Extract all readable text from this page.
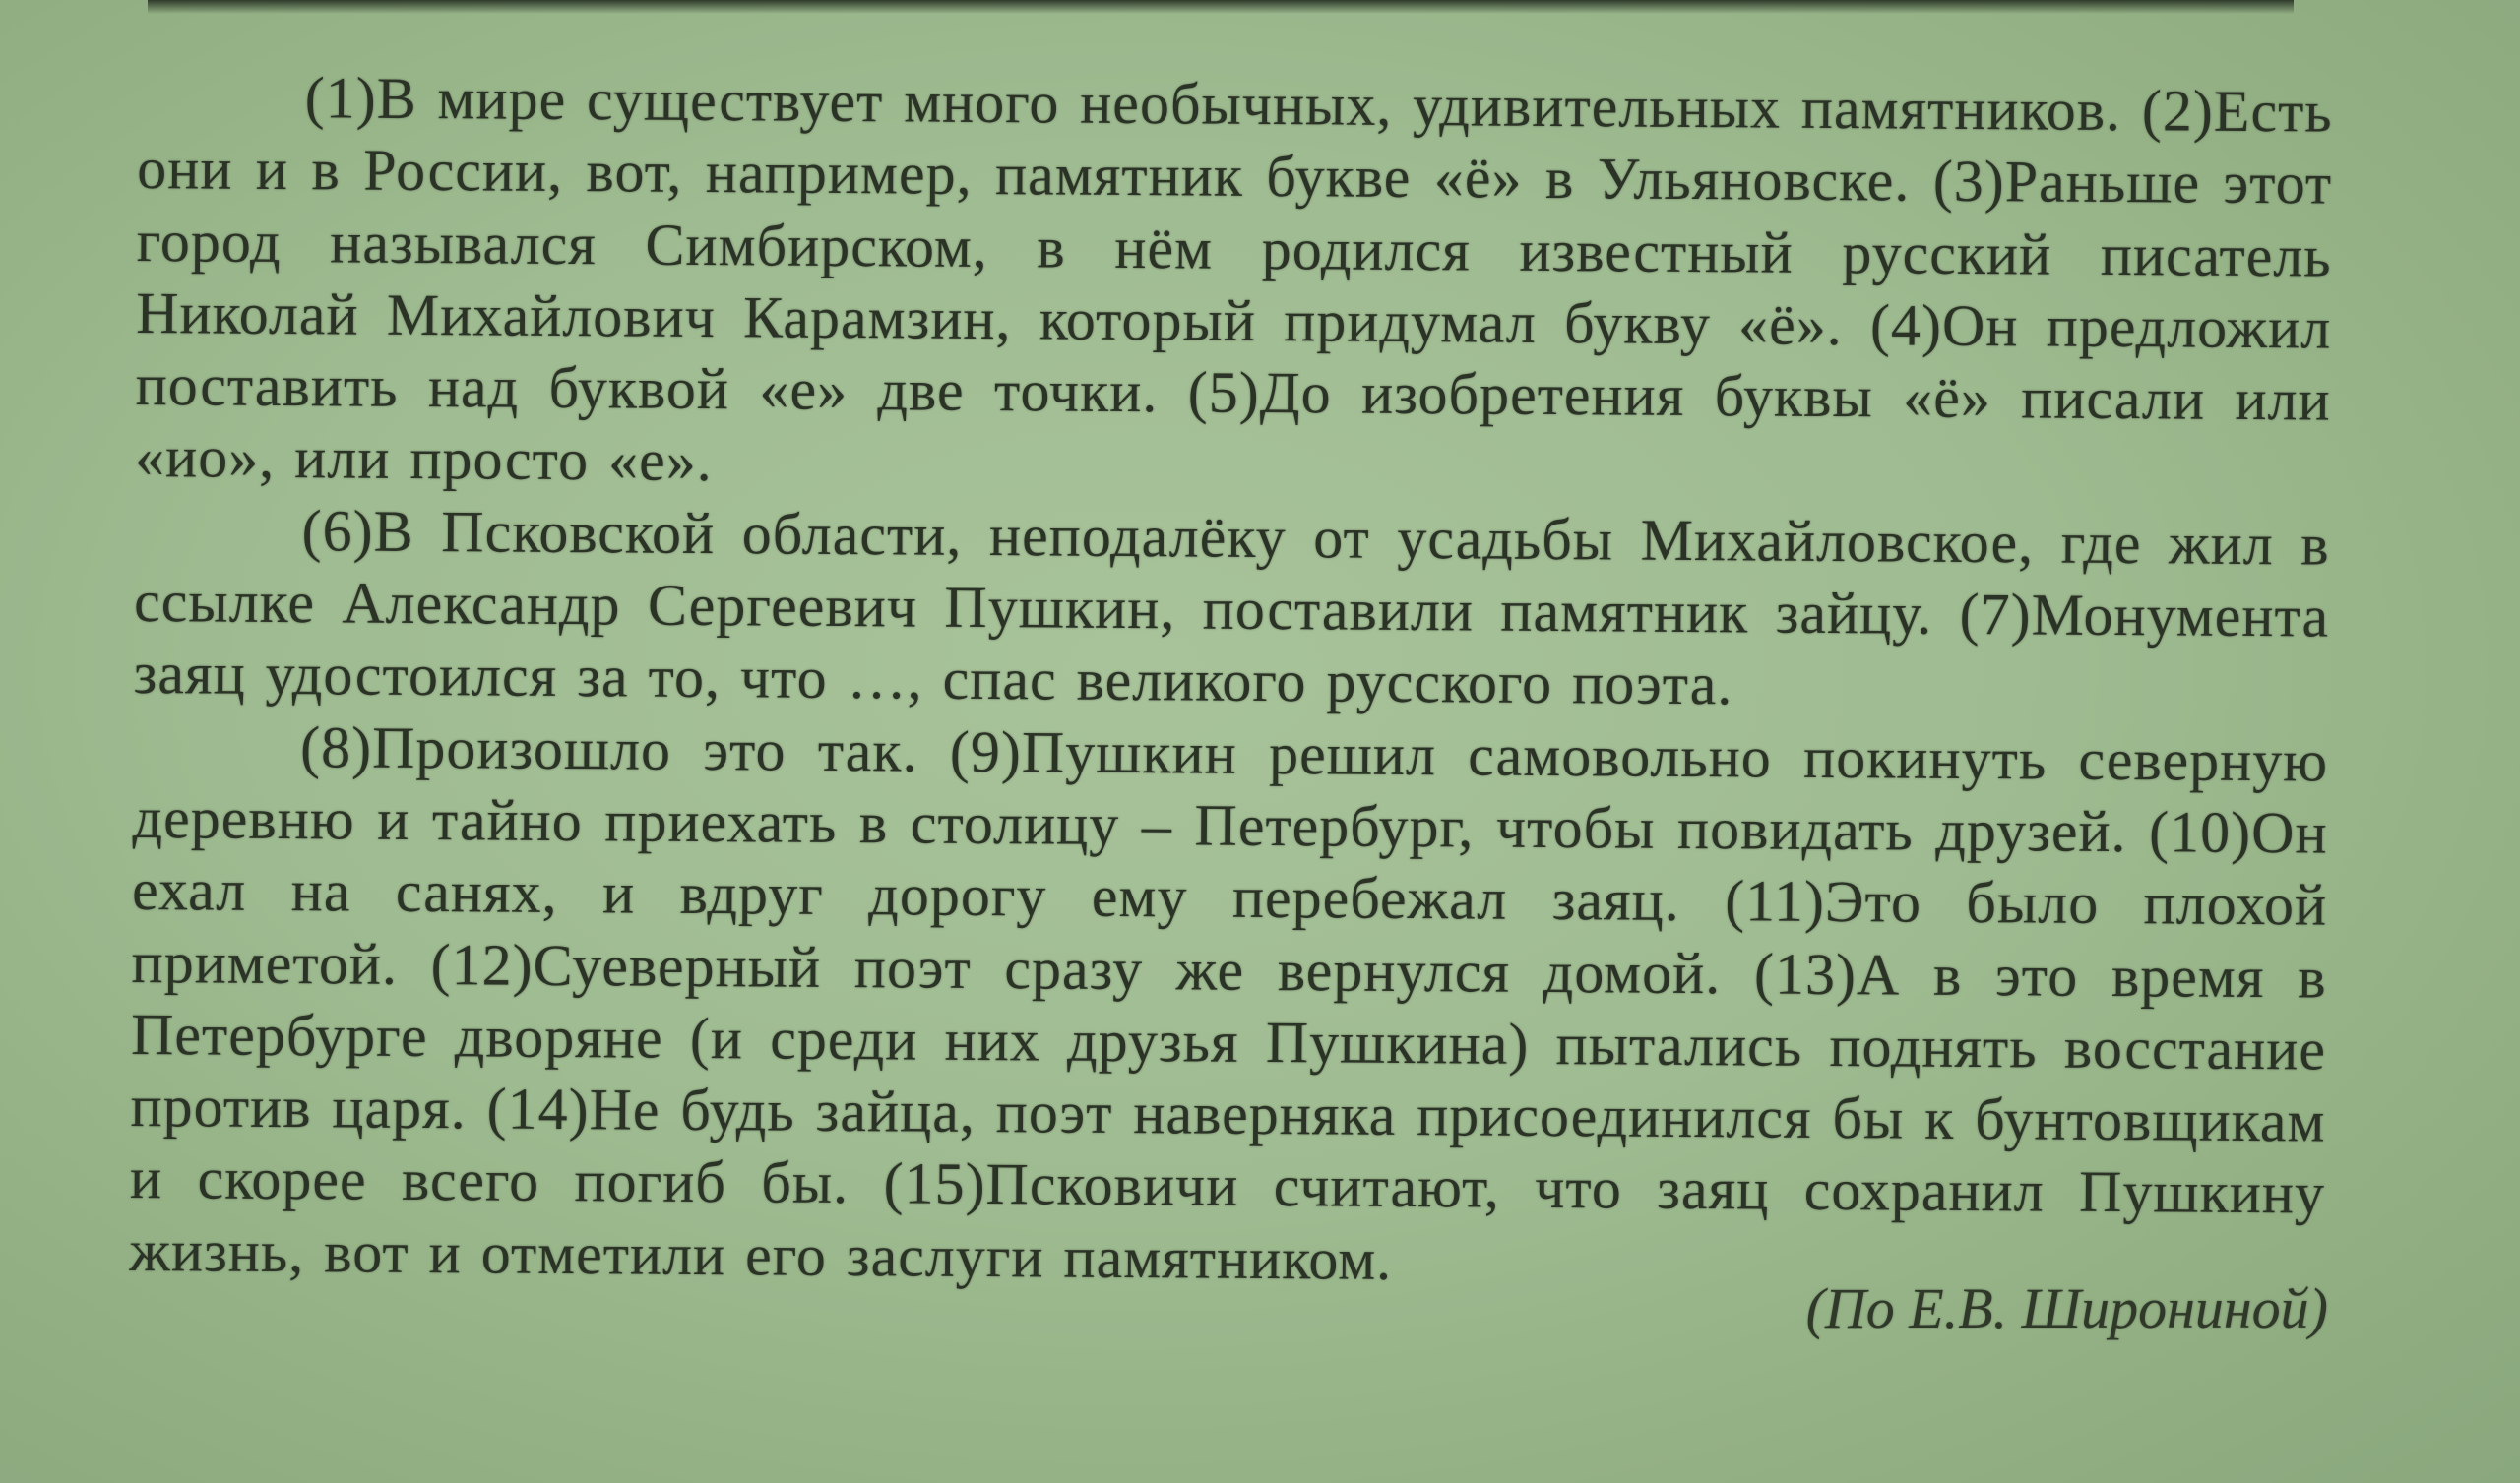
(1)В мире существует много необычных, удивительных памятников. (2)Есть они и в России, вот, например, памятник букве «ё» в Ульяновске. (3)Раньше этот город назывался Симбирском, в нём родился известный русский писатель Николай Михайлович Карамзин, который придумал букву «ё». (4)Он предложил поставить над буквой «е» две точки. (5)До изобретения буквы «ё» писали или «ио», или просто «е».

(6)В Псковской области, неподалёку от усадьбы Михайловское, где жил в ссылке Александр Сергеевич Пушкин, поставили памятник зайцу. (7)Монумента заяц удостоился за то, что …, спас великого русского поэта.

(8)Произошло это так. (9)Пушкин решил самовольно покинуть северную деревню и тайно приехать в столицу – Петербург, чтобы повидать друзей. (10)Он ехал на санях, и вдруг дорогу ему перебежал заяц. (11)Это было плохой приметой. (12)Суеверный поэт сразу же вернулся домой. (13)А в это время в Петербурге дворяне (и среди них друзья Пушкина) пытались поднять восстание против царя. (14)Не будь зайца, поэт наверняка присоединился бы к бунтовщикам и скорее всего погиб бы. (15)Псковичи считают, что заяц сохранил Пушкину жизнь, вот и отметили его заслуги памятником.

(По Е.В. Широниной)
